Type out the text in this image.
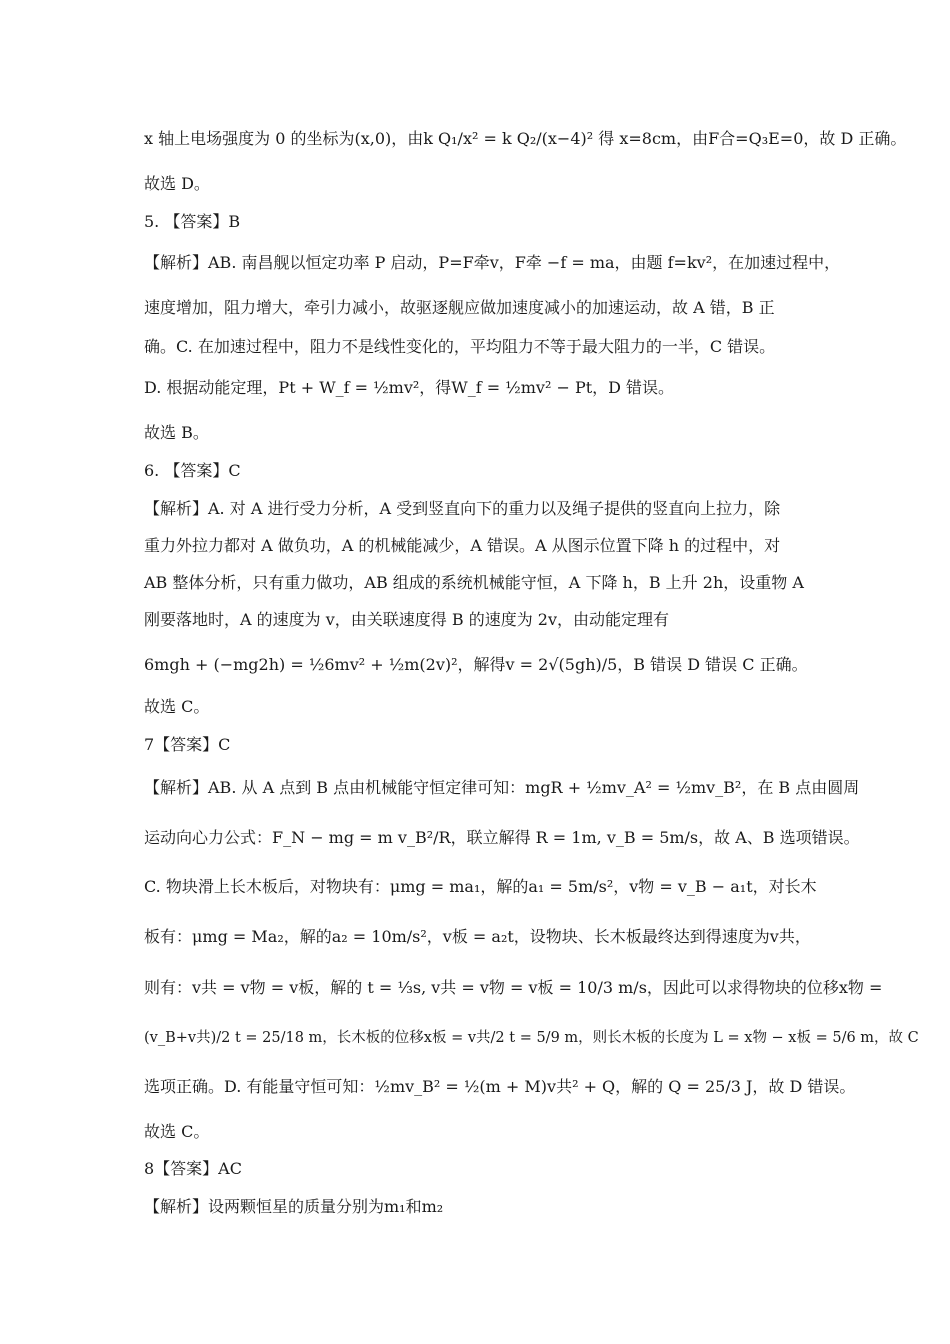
x 轴上电场强度为 0 的坐标为(x,0)，由k Q₁/x² = k Q₂/(x−4)² 得 x=8cm，由F合=Q₃E=0，故 D 正确。
故选 D。
5. 【答案】B
【解析】AB. 南昌舰以恒定功率 P 启动，P=F牵v，F牵 −f = ma，由题 f=kv²，在加速过程中，
速度增加，阻力增大，牵引力减小，故驱逐舰应做加速度减小的加速运动，故 A 错，B 正
确。C. 在加速过程中，阻力不是线性变化的，平均阻力不等于最大阻力的一半，C 错误。
D. 根据动能定理，Pt + W_f = ½mv²，得W_f = ½mv² − Pt，D 错误。
故选 B。
6. 【答案】C
【解析】A. 对 A 进行受力分析，A 受到竖直向下的重力以及绳子提供的竖直向上拉力，除
重力外拉力都对 A 做负功，A 的机械能减少，A 错误。A 从图示位置下降 h 的过程中，对
AB 整体分析，只有重力做功，AB 组成的系统机械能守恒，A 下降 h，B 上升 2h，设重物 A
刚要落地时，A 的速度为 v，由关联速度得 B 的速度为 2v，由动能定理有
6mgh + (−mg2h) = ½6mv² + ½m(2v)²，解得v = 2√(5gh)/5，B 错误 D 错误 C 正确。
故选 C。
7【答案】C
【解析】AB. 从 A 点到 B 点由机械能守恒定律可知：mgR + ½mv_A² = ½mv_B²，在 B 点由圆周
运动向心力公式：F_N − mg = m v_B²/R，联立解得 R = 1m, v_B = 5m/s，故 A、B 选项错误。
C. 物块滑上长木板后，对物块有：μmg = ma₁，解的a₁ = 5m/s²，v物 = v_B − a₁t，对长木
板有：μmg = Ma₂，解的a₂ = 10m/s²，v板 = a₂t，设物块、长木板最终达到得速度为v共，
则有：v共 = v物 = v板，解的 t = ⅓s, v共 = v物 = v板 = 10/3 m/s，因此可以求得物块的位移x物 =
(v_B+v共)/2 t = 25/18 m，长木板的位移x板 = v共/2 t = 5/9 m，则长木板的长度为 L = x物 − x板 = 5/6 m，故 C
选项正确。D. 有能量守恒可知：½mv_B² = ½(m + M)v共² + Q，解的 Q = 25/3 J，故 D 错误。
故选 C。
8【答案】AC
【解析】设两颗恒星的质量分别为m₁和m₂
